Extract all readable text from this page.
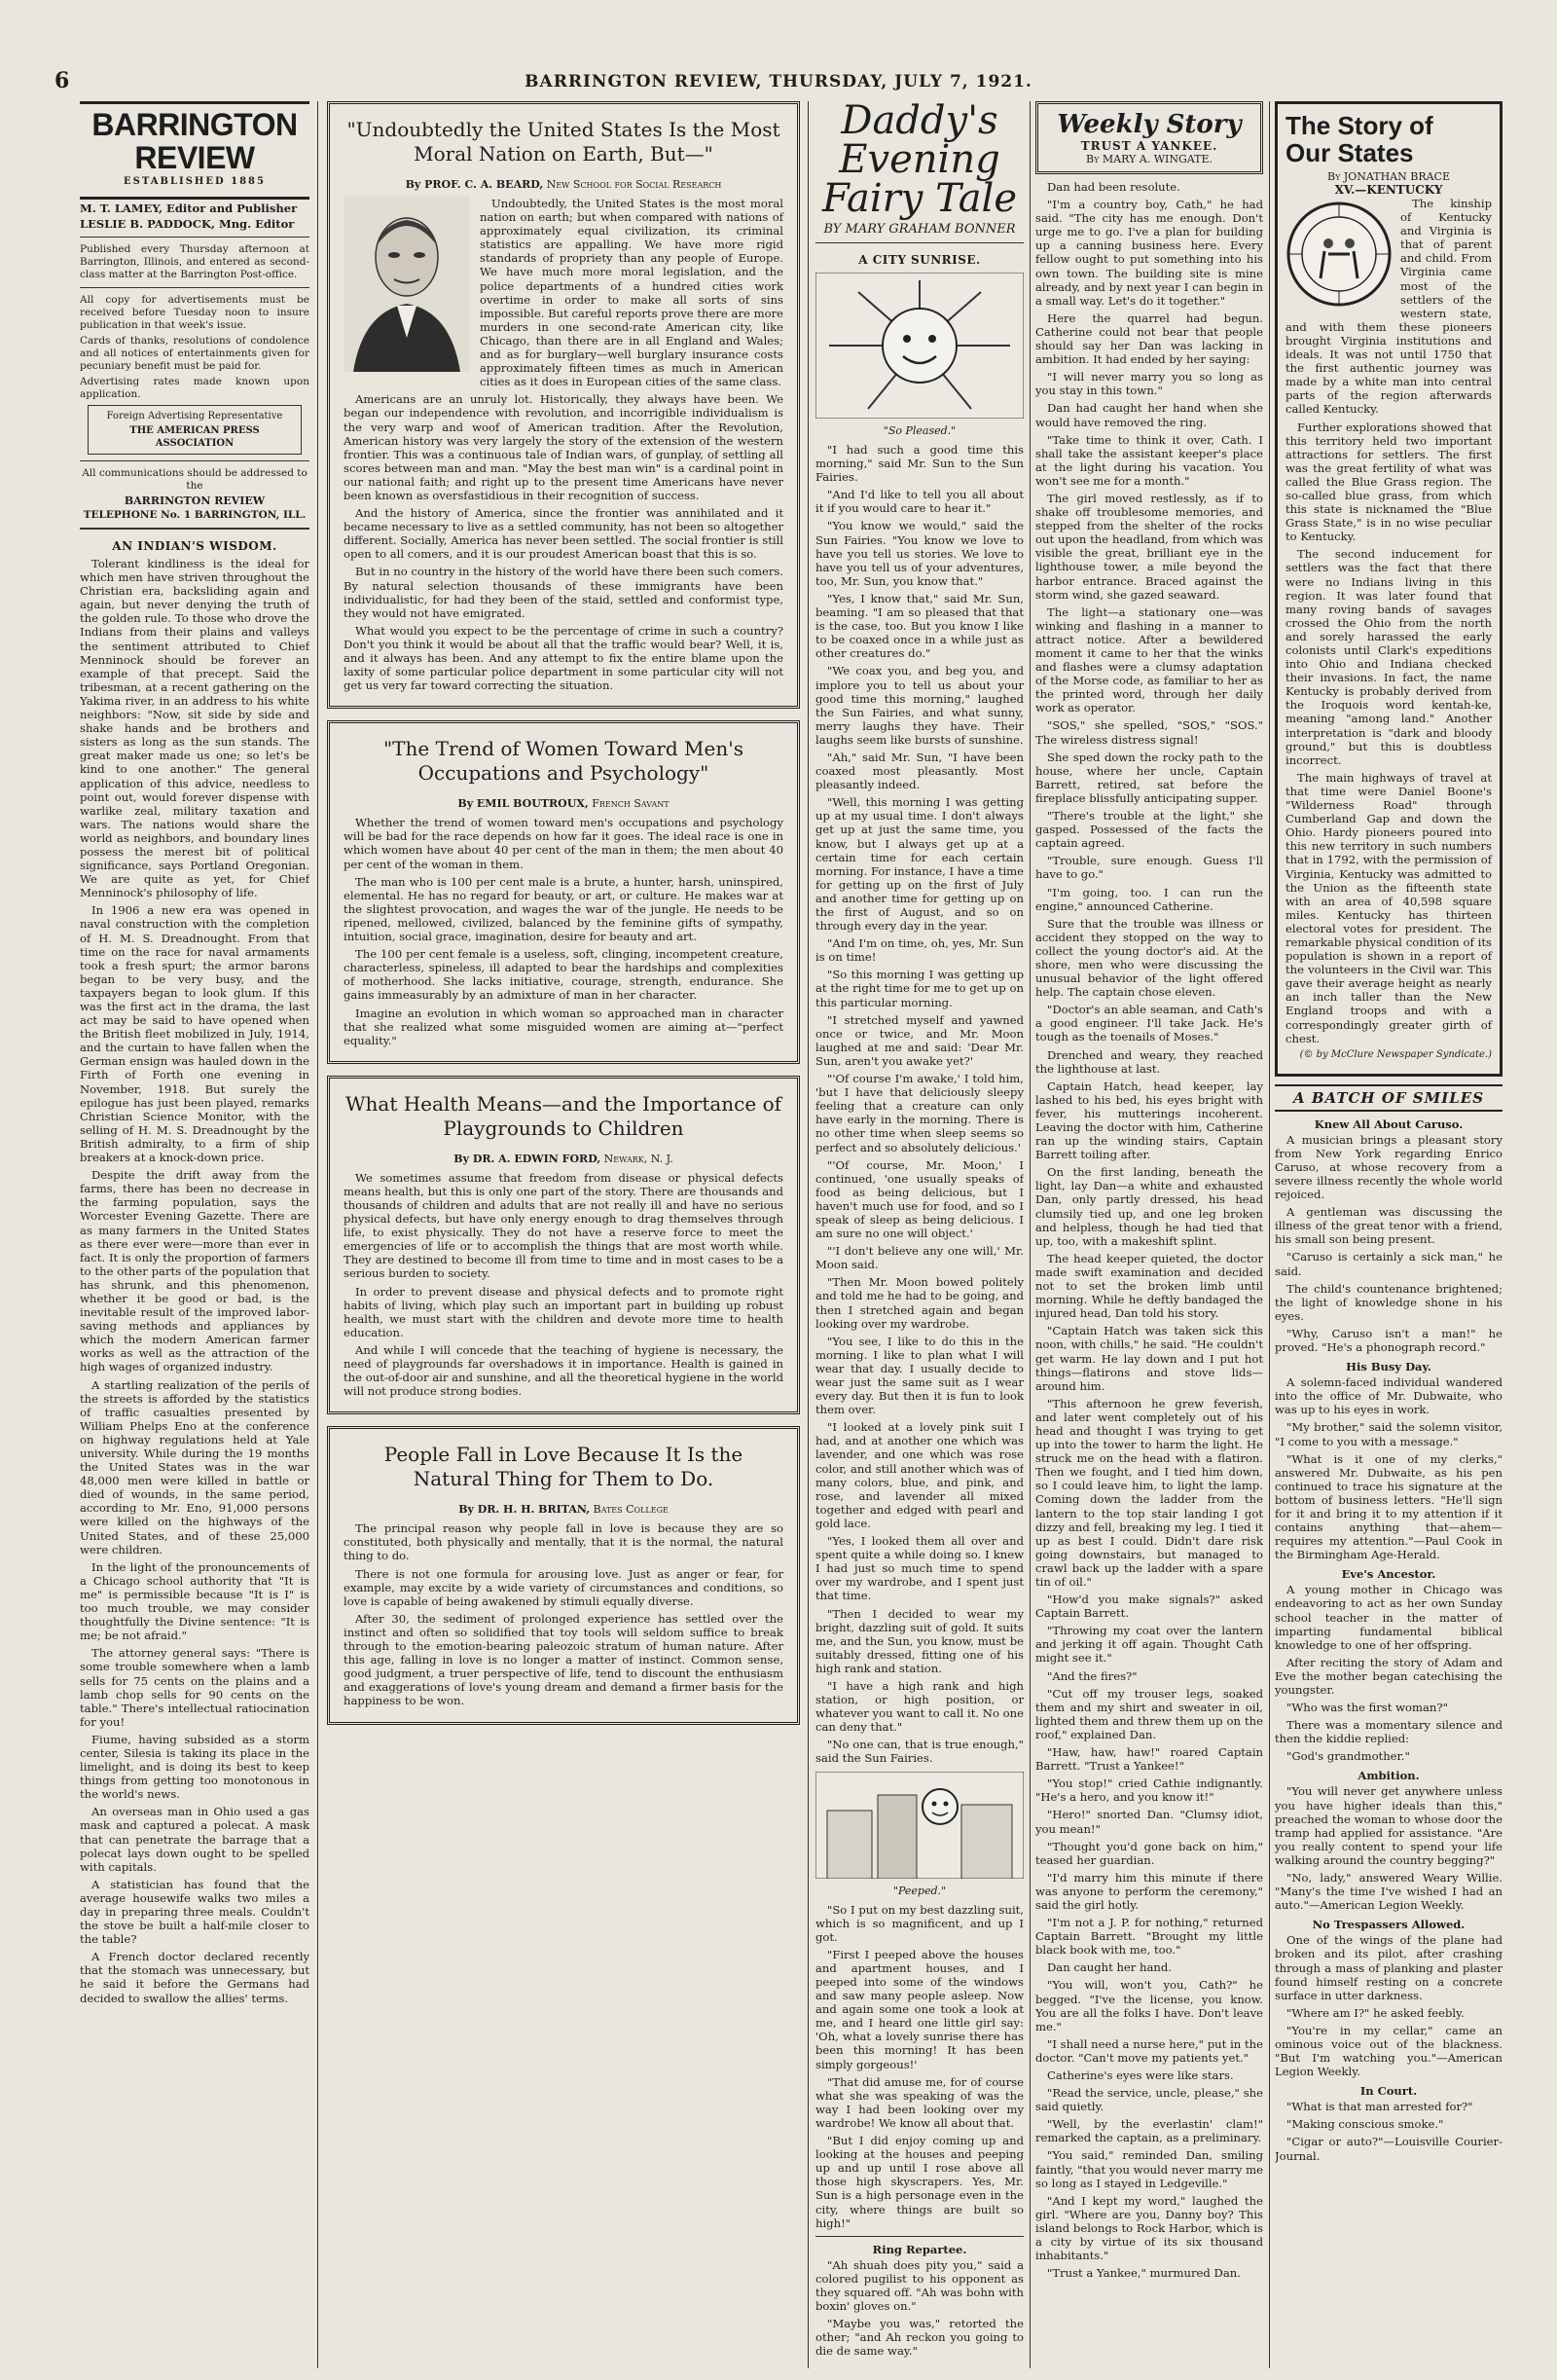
6	BARRINGTON REVIEW, THURSDAY, JULY 7, 1921.
BARRINGTON REVIEW
ESTABLISHED 1885
M. T. LAMEY, Editor and Publisher
LESLIE B. PADDOCK, Mng. Editor
Published every Thursday afternoon at Barrington, Illinois, and entered as second-class matter at the Barrington Post-office.
All copy for advertisements must be received before Tuesday noon to insure publication in that week's issue.
Cards of thanks, resolutions of condolence and all notices of entertainments given for pecuniary benefit must be paid for.
Advertising rates made known upon application.
Foreign Advertising Representative
THE AMERICAN PRESS ASSOCIATION
All communications should be addressed to the
BARRINGTON REVIEW
TELEPHONE No. 1 BARRINGTON, ILL.
AN INDIAN'S WISDOM.

Tolerant kindliness is the ideal for which men have striven throughout the Christian era, backsliding again and again, but never denying the truth of the golden rule. To those who drove the Indians from their plains and valleys the sentiment attributed to Chief Menninock should be forever an example of that precept. Said the tribesman, at a recent gathering on the Yakima river, in an address to his white neighbors: "Now, sit side by side and shake hands and be brothers and sisters as long as the sun stands. The great maker made us one; so let's be kind to one another." The general application of this advice, needless to point out, would forever dispense with warlike zeal, military taxation and wars. The nations would share the world as neighbors, and boundary lines possess the merest bit of political significance, says Portland Oregonian. We are quite as yet, for Chief Menninock's philosophy of life.

In 1906 a new era was opened in naval construction with the completion of H. M. S. Dreadnought. From that time on the race for naval armaments took a fresh spurt; the armor barons began to be very busy, and the taxpayers began to look glum. If this was the first act in the drama, the last act may be said to have opened when the British fleet mobilized in July, 1914, and the curtain to have fallen when the German ensign was hauled down in the Firth of Forth one evening in November, 1918. But surely the epilogue has just been played, remarks Christian Science Monitor, with the selling of H. M. S. Dreadnought by the British admiralty, to a firm of ship breakers at a knock-down price.

Despite the drift away from the farms, there has been no decrease in the farming population, says the Worcester Evening Gazette. There are as many farmers in the United States as there ever were—more than ever in fact. It is only the proportion of farmers to the other parts of the population that has shrunk, and this phenomenon, whether it be good or bad, is the inevitable result of the improved labor-saving methods and appliances by which the modern American farmer works as well as the attraction of the high wages of organized industry.

A startling realization of the perils of the streets is afforded by the statistics of traffic casualties presented by William Phelps Eno at the conference on highway regulations held at Yale university. While during the 19 months the United States was in the war 48,000 men were killed in battle or died of wounds, in the same period, according to Mr. Eno, 91,000 persons were killed on the highways of the United States, and of these 25,000 were children.

In the light of the pronouncements of a Chicago school authority that "It is me" is permissible because "It is I" is too much trouble, we may consider thoughtfully the Divine sentence: "It is me; be not afraid."

The attorney general says: "There is some trouble somewhere when a lamb sells for 75 cents on the plains and a lamb chop sells for 90 cents on the table." There's intellectual ratiocination for you!

Fiume, having subsided as a storm center, Silesia is taking its place in the limelight, and is doing its best to keep things from getting too monotonous in the world's news.

An overseas man in Ohio used a gas mask and captured a polecat. A mask that can penetrate the barrage that a polecat lays down ought to be spelled with capitals.

A statistician has found that the average housewife walks two miles a day in preparing three meals. Couldn't the stove be built a half-mile closer to the table?

A French doctor declared recently that the stomach was unnecessary, but he said it before the Germans had decided to swallow the allies' terms.

"Undoubtedly the United States Is the Most Moral Nation on Earth, But—"
By PROF. C. A. BEARD, New School for Social Research

Undoubtedly, the United States is the most moral nation on earth; but when compared with nations of approximately equal civilization, its criminal statistics are appalling. We have more rigid standards of propriety than any people of Europe. We have much more moral legislation, and the police departments of a hundred cities work overtime in order to make all sorts of sins impossible. But careful reports prove there are more murders in one second-rate American city, like Chicago, than there are in all England and Wales; and as for burglary—well burglary insurance costs approximately fifteen times as much in American cities as it does in European cities of the same class.

Americans are an unruly lot. Historically, they always have been. We began our independence with revolution, and incorrigible individualism is the very warp and woof of American tradition. After the Revolution, American history was very largely the story of the extension of the western frontier. This was a continuous tale of Indian wars, of gunplay, of settling all scores between man and man. "May the best man win" is a cardinal point in our national faith; and right up to the present time Americans have never been known as oversfastidious in their recognition of success.

And the history of America, since the frontier was annihilated and it became necessary to live as a settled community, has not been so altogether different. Socially, America has never been settled. The social frontier is still open to all comers, and it is our proudest American boast that this is so.

But in no country in the history of the world have there been such comers. By natural selection thousands of these immigrants have been individualistic, for had they been of the staid, settled and conformist type, they would not have emigrated.

What would you expect to be the percentage of crime in such a country? Don't you think it would be about all that the traffic would bear? Well, it is, and it always has been. And any attempt to fix the entire blame upon the laxity of some particular police department in some particular city will not get us very far toward correcting the situation.

"The Trend of Women Toward Men's Occupations and Psychology"
By EMIL BOUTROUX, French Savant

Whether the trend of women toward men's occupations and psychology will be bad for the race depends on how far it goes. The ideal race is one in which women have about 40 per cent of the man in them; the men about 40 per cent of the woman in them.

The man who is 100 per cent male is a brute, a hunter, harsh, uninspired, elemental. He has no regard for beauty, or art, or culture. He makes war at the slightest provocation, and wages the war of the jungle. He needs to be ripened, mellowed, civilized, balanced by the feminine gifts of sympathy, intuition, social grace, imagination, desire for beauty and art.

The 100 per cent female is a useless, soft, clinging, incompetent creature, characterless, spineless, ill adapted to bear the hardships and complexities of motherhood. She lacks initiative, courage, strength, endurance. She gains immeasurably by an admixture of man in her character.

Imagine an evolution in which woman so approached man in character that she realized what some misguided women are aiming at—"perfect equality."

What Health Means—and the Importance of Playgrounds to Children
By DR. A. EDWIN FORD, Newark, N. J.

We sometimes assume that freedom from disease or physical defects means health, but this is only one part of the story. There are thousands and thousands of children and adults that are not really ill and have no serious physical defects, but have only energy enough to drag themselves through life, to exist physically. They do not have a reserve force to meet the emergencies of life or to accomplish the things that are most worth while. They are destined to become ill from time to time and in most cases to be a serious burden to society.

In order to prevent disease and physical defects and to promote right habits of living, which play such an important part in building up robust health, we must start with the children and devote more time to health education.

And while I will concede that the teaching of hygiene is necessary, the need of playgrounds far overshadows it in importance. Health is gained in the out-of-door air and sunshine, and all the theoretical hygiene in the world will not produce strong bodies.

People Fall in Love Because It Is the Natural Thing for Them to Do.
By DR. H. H. BRITAN, Bates College

The principal reason why people fall in love is because they are so constituted, both physically and mentally, that it is the normal, the natural thing to do.

There is not one formula for arousing love. Just as anger or fear, for example, may excite by a wide variety of circumstances and conditions, so love is capable of being awakened by stimuli equally diverse.

After 30, the sediment of prolonged experience has settled over the instinct and often so solidified that toy tools will seldom suffice to break through to the emotion-bearing paleozoic stratum of human nature. After this age, falling in love is no longer a matter of instinct. Common sense, good judgment, a truer perspective of life, tend to discount the enthusiasm and exaggerations of love's young dream and demand a firmer basis for the happiness to be won.

Daddy's
Evening
Fairy Tale
BY MARY GRAHAM BONNER
A CITY SUNRISE.
"So Pleased."

"I had such a good time this morning," said Mr. Sun to the Sun Fairies.

"And I'd like to tell you all about it if you would care to hear it."

"You know we would," said the Sun Fairies. "You know we love to have you tell us stories. We love to have you tell us of your adventures, too, Mr. Sun, you know that."

"Yes, I know that," said Mr. Sun, beaming. "I am so pleased that that is the case, too. But you know I like to be coaxed once in a while just as other creatures do."

"We coax you, and beg you, and implore you to tell us about your good time this morning," laughed the Sun Fairies, and what sunny, merry laughs they have. Their laughs seem like bursts of sunshine.

"Ah," said Mr. Sun, "I have been coaxed most pleasantly. Most pleasantly indeed.

"Well, this morning I was getting up at my usual time. I don't always get up at just the same time, you know, but I always get up at a certain time for each certain morning. For instance, I have a time for getting up on the first of July and another time for getting up on the first of August, and so on through every day in the year.

"And I'm on time, oh, yes, Mr. Sun is on time!

"So this morning I was getting up at the right time for me to get up on this particular morning.

"I stretched myself and yawned once or twice, and Mr. Moon laughed at me and said: 'Dear Mr. Sun, aren't you awake yet?'

"'Of course I'm awake,' I told him, 'but I have that deliciously sleepy feeling that a creature can only have early in the morning. There is no other time when sleep seems so perfect and so absolutely delicious.'

"'Of course, Mr. Moon,' I continued, 'one usually speaks of food as being delicious, but I haven't much use for food, and so I speak of sleep as being delicious. I am sure no one will object.'

"'I don't believe any one will,' Mr. Moon said.

"Then Mr. Moon bowed politely and told me he had to be going, and then I stretched again and began looking over my wardrobe.

"You see, I like to do this in the morning. I like to plan what I will wear that day. I usually decide to wear just the same suit as I wear every day. But then it is fun to look them over.

"I looked at a lovely pink suit I had, and at another one which was lavender, and one which was rose color, and still another which was of many colors, blue, and pink, and rose, and lavender all mixed together and edged with pearl and gold lace.

"Yes, I looked them all over and spent quite a while doing so. I knew I had just so much time to spend over my wardrobe, and I spent just that time.

"Then I decided to wear my bright, dazzling suit of gold. It suits me, and the Sun, you know, must be suitably dressed, fitting one of his high rank and station.

"I have a high rank and high station, or high position, or whatever you want to call it. No one can deny that."

"No one can, that is true enough," said the Sun Fairies.

"Peeped."

"So I put on my best dazzling suit, which is so magnificent, and up I got.

"First I peeped above the houses and apartment houses, and I peeped into some of the windows and saw many people asleep. Now and again some one took a look at me, and I heard one little girl say: 'Oh, what a lovely sunrise there has been this morning! It has been simply gorgeous!'

"That did amuse me, for of course what she was speaking of was the way I had been looking over my wardrobe! We know all about that.

"But I did enjoy coming up and looking at the houses and peeping up and up until I rose above all those high skyscrapers. Yes, Mr. Sun is a high personage even in the city, where things are built so high!"

Ring Repartee.

"Ah shuah does pity you," said a colored pugilist to his opponent as they squared off. "Ah was bohn with boxin' gloves on."

"Maybe you was," retorted the other; "and Ah reckon you going to die de same way."

Weekly Story
TRUST A YANKEE.
By MARY A. WINGATE.

Dan had been resolute.

"I'm a country boy, Cath," he had said. "The city has me enough. Don't urge me to go. I've a plan for building up a canning business here. Every fellow ought to put something into his own town. The building site is mine already, and by next year I can begin in a small way. Let's do it together."

Here the quarrel had begun. Catherine could not bear that people should say her Dan was lacking in ambition. It had ended by her saying:

"I will never marry you so long as you stay in this town."

Dan had caught her hand when she would have removed the ring.

"Take time to think it over, Cath. I shall take the assistant keeper's place at the light during his vacation. You won't see me for a month."

The girl moved restlessly, as if to shake off troublesome memories, and stepped from the shelter of the rocks out upon the headland, from which was visible the great, brilliant eye in the lighthouse tower, a mile beyond the harbor entrance. Braced against the storm wind, she gazed seaward.

The light—a stationary one—was winking and flashing in a manner to attract notice. After a bewildered moment it came to her that the winks and flashes were a clumsy adaptation of the Morse code, as familiar to her as the printed word, through her daily work as operator.

"SOS," she spelled, "SOS," "SOS." The wireless distress signal!

She sped down the rocky path to the house, where her uncle, Captain Barrett, retired, sat before the fireplace blissfully anticipating supper.

"There's trouble at the light," she gasped. Possessed of the facts the captain agreed.

"Trouble, sure enough. Guess I'll have to go."

"I'm going, too. I can run the engine," announced Catherine.

Sure that the trouble was illness or accident they stopped on the way to collect the young doctor's aid. At the shore, men who were discussing the unusual behavior of the light offered help. The captain chose eleven.

"Doctor's an able seaman, and Cath's a good engineer. I'll take Jack. He's tough as the toenails of Moses."

Drenched and weary, they reached the lighthouse at last.

Captain Hatch, head keeper, lay lashed to his bed, his eyes bright with fever, his mutterings incoherent. Leaving the doctor with him, Catherine ran up the winding stairs, Captain Barrett toiling after.

On the first landing, beneath the light, lay Dan—a white and exhausted Dan, only partly dressed, his head clumsily tied up, and one leg broken and helpless, though he had tied that up, too, with a makeshift splint.

The head keeper quieted, the doctor made swift examination and decided not to set the broken limb until morning. While he deftly bandaged the injured head, Dan told his story.

"Captain Hatch was taken sick this noon, with chills," he said. "He couldn't get warm. He lay down and I put hot things—flatirons and stove lids—around him.

"This afternoon he grew feverish, and later went completely out of his head and thought I was trying to get up into the tower to harm the light. He struck me on the head with a flatiron. Then we fought, and I tied him down, so I could leave him, to light the lamp. Coming down the ladder from the lantern to the top stair landing I got dizzy and fell, breaking my leg. I tied it up as best I could. Didn't dare risk going downstairs, but managed to crawl back up the ladder with a spare tin of oil."

"How'd you make signals?" asked Captain Barrett.

"Throwing my coat over the lantern and jerking it off again. Thought Cath might see it."

"And the fires?"

"Cut off my trouser legs, soaked them and my shirt and sweater in oil, lighted them and threw them up on the roof," explained Dan.

"Haw, haw, haw!" roared Captain Barrett. "Trust a Yankee!"

"You stop!" cried Cathie indignantly. "He's a hero, and you know it!"

"Hero!" snorted Dan. "Clumsy idiot, you mean!"

"Thought you'd gone back on him," teased her guardian.

"I'd marry him this minute if there was anyone to perform the ceremony," said the girl hotly.

"I'm not a J. P. for nothing," returned Captain Barrett. "Brought my little black book with me, too."

Dan caught her hand.

"You will, won't you, Cath?" he begged. "I've the license, you know. You are all the folks I have. Don't leave me."

"I shall need a nurse here," put in the doctor. "Can't move my patients yet."

Catherine's eyes were like stars.

"Read the service, uncle, please," she said quietly.

"Well, by the everlastin' clam!" remarked the captain, as a preliminary.

"You said," reminded Dan, smiling faintly, "that you would never marry me so long as I stayed in Ledgeville."

"And I kept my word," laughed the girl. "Where are you, Danny boy? This island belongs to Rock Harbor, which is a city by virtue of its six thousand inhabitants."

"Trust a Yankee," murmured Dan.

The Story of
Our States
By JONATHAN BRACE
XV.—KENTUCKY

The kinship of Kentucky and Virginia is that of parent and child. From Virginia came most of the settlers of the western state, and with them these pioneers brought Virginia institutions and ideals. It was not until 1750 that the first authentic journey was made by a white man into central parts of the region afterwards called Kentucky.

Further explorations showed that this territory held two important attractions for settlers. The first was the great fertility of what was called the Blue Grass region. The so-called blue grass, from which this state is nicknamed the "Blue Grass State," is in no wise peculiar to Kentucky.

The second inducement for settlers was the fact that there were no Indians living in this region. It was later found that many roving bands of savages crossed the Ohio from the north and sorely harassed the early colonists until Clark's expeditions into Ohio and Indiana checked their invasions. In fact, the name Kentucky is probably derived from the Iroquois word kentah-ke, meaning "among land." Another interpretation is "dark and bloody ground," but this is doubtless incorrect.

The main highways of travel at that time were Daniel Boone's "Wilderness Road" through Cumberland Gap and down the Ohio. Hardy pioneers poured into this new territory in such numbers that in 1792, with the permission of Virginia, Kentucky was admitted to the Union as the fifteenth state with an area of 40,598 square miles. Kentucky has thirteen electoral votes for president. The remarkable physical condition of its population is shown in a report of the volunteers in the Civil war. This gave their average height as nearly an inch taller than the New England troops and with a correspondingly greater girth of chest.

(© by McClure Newspaper Syndicate.)
A BATCH OF SMILES
Knew All About Caruso.

A musician brings a pleasant story from New York regarding Enrico Caruso, at whose recovery from a severe illness recently the whole world rejoiced.

A gentleman was discussing the illness of the great tenor with a friend, his small son being present.

"Caruso is certainly a sick man," he said.

The child's countenance brightened; the light of knowledge shone in his eyes.

"Why, Caruso isn't a man!" he proved. "He's a phonograph record."

His Busy Day.

A solemn-faced individual wandered into the office of Mr. Dubwaite, who was up to his eyes in work.

"My brother," said the solemn visitor, "I come to you with a message."

"What is it one of my clerks," answered Mr. Dubwaite, as his pen continued to trace his signature at the bottom of business letters. "He'll sign for it and bring it to my attention if it contains anything that—ahem—requires my attention."—Paul Cook in the Birmingham Age-Herald.

Eve's Ancestor.

A young mother in Chicago was endeavoring to act as her own Sunday school teacher in the matter of imparting fundamental biblical knowledge to one of her offspring.

After reciting the story of Adam and Eve the mother began catechising the youngster.

"Who was the first woman?"

There was a momentary silence and then the kiddie replied:

"God's grandmother."

Ambition.

"You will never get anywhere unless you have higher ideals than this," preached the woman to whose door the tramp had applied for assistance. "Are you really content to spend your life walking around the country begging?"

"No, lady," answered Weary Willie. "Many's the time I've wished I had an auto."—American Legion Weekly.

No Trespassers Allowed.

One of the wings of the plane had broken and its pilot, after crashing through a mass of planking and plaster found himself resting on a concrete surface in utter darkness.

"Where am I?" he asked feebly.

"You're in my cellar," came an ominous voice out of the blackness. "But I'm watching you."—American Legion Weekly.

In Court.

"What is that man arrested for?"

"Making conscious smoke."

"Cigar or auto?"—Louisville Courier-Journal.
